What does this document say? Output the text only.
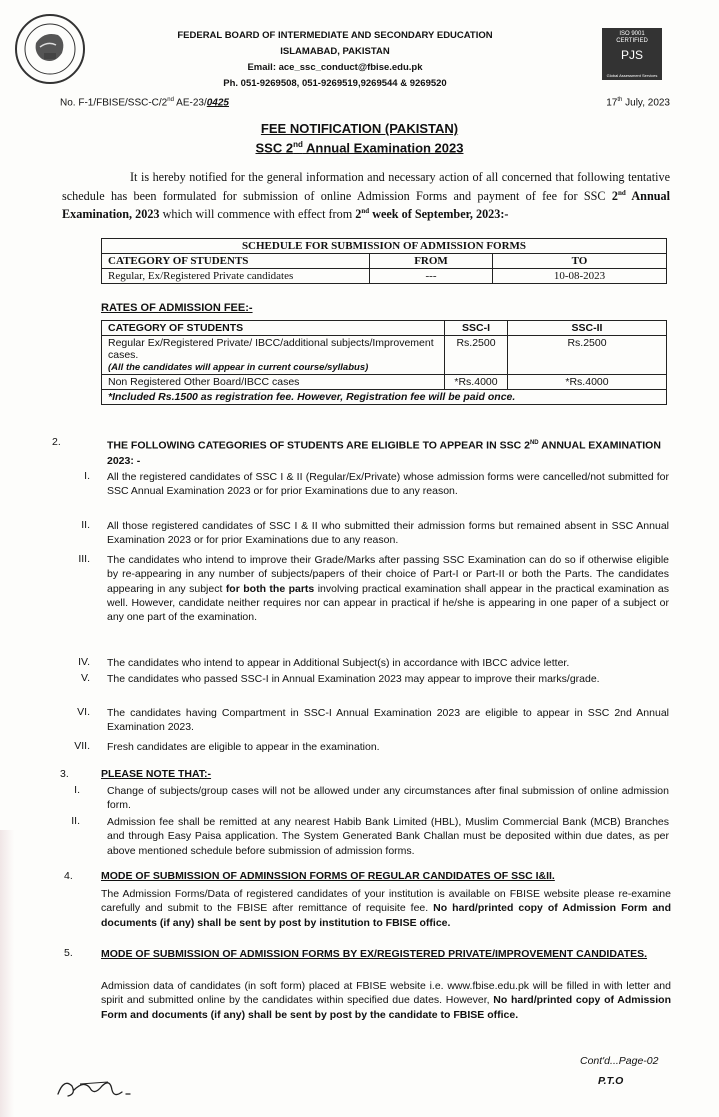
FEDERAL BOARD OF INTERMEDIATE AND SECONDARY EDUCATION
ISLAMABAD, PAKISTAN
Email: ace_ssc_conduct@fbise.edu.pk
Ph. 051-9269508, 051-9269519,9269544 & 9269520
ISO 9001
CERTIFIED
PJS
Global Assessment Services
No. F-1/FBISE/SSC-C/2nd AE-23/0425	17th July, 2023
FEE NOTIFICATION (PAKISTAN)
SSC 2nd Annual Examination 2023
It is hereby notified for the general information and necessary action of all concerned that following tentative schedule has been formulated for submission of online Admission Forms and payment of fee for SSC 2nd Annual Examination, 2023 which will commence with effect from 2nd week of September, 2023:-
SCHEDULE FOR SUBMISSION OF ADMISSION FORMS		
CATEGORY OF STUDENTS	FROM	TO
Regular, Ex/Registered Private candidates	---	10-08-2023
RATES OF ADMISSION FEE:-
CATEGORY OF STUDENTS	SSC-I	SSC-II
Regular Ex/Registered Private/ IBCC/additional subjects/Improvement cases.
(All the candidates will appear in current course/syllabus)	Rs.2500	Rs.2500
Non Registered Other Board/IBCC cases	*Rs.4000	*Rs.4000
*Included Rs.1500 as registration fee. However, Registration fee will be paid once.		
2.	THE FOLLOWING CATEGORIES OF STUDENTS ARE ELIGIBLE TO APPEAR IN SSC 2ND ANNUAL EXAMINATION 2023: -
I. All the registered candidates of SSC I & II (Regular/Ex/Private) whose admission forms were cancelled/not submitted for SSC Annual Examination 2023 or for prior Examinations due to any reason.
II. All those registered candidates of SSC I & II who submitted their admission forms but remained absent in SSC Annual Examination 2023 or for prior Examinations due to any reason.
III. The candidates who intend to improve their Grade/Marks after passing SSC Examination can do so if otherwise eligible by re-appearing in any number of subjects/papers of their choice of Part-I or Part-II or both the Parts. The candidates appearing in any subject for both the parts involving practical examination shall appear in the practical examination as well. However, candidate neither requires nor can appear in practical if he/she is appearing in one paper of a subject or any one part of the examination.
IV. The candidates who intend to appear in Additional Subject(s) in accordance with IBCC advice letter.
V. The candidates who passed SSC-I in Annual Examination 2023 may appear to improve their marks/grade.
VI. The candidates having Compartment in SSC-I Annual Examination 2023 are eligible to appear in SSC 2nd Annual Examination 2023.
VII. Fresh candidates are eligible to appear in the examination.
3.	PLEASE NOTE THAT:-
I.	Change of subjects/group cases will not be allowed under any circumstances after final submission of online admission form.
II.	Admission fee shall be remitted at any nearest Habib Bank Limited (HBL), Muslim Commercial Bank (MCB) Branches and through Easy Paisa application. The System Generated Bank Challan must be deposited within due dates, as per above mentioned schedule before submission of admission forms.
4.	MODE OF SUBMISSION OF ADMINSSION FORMS OF REGULAR CANDIDATES OF SSC I&II.
The Admission Forms/Data of registered candidates of your institution is available on FBISE website please re-examine carefully and submit to the FBISE after remittance of requisite fee. No hard/printed copy of Admission Form and documents (if any) shall be sent by post by institution to FBISE office.
5.	MODE OF SUBMISSION OF ADMISSION FORMS BY EX/REGISTERED PRIVATE/IMPROVEMENT CANDIDATES.
Admission data of candidates (in soft form) placed at FBISE website i.e. www.fbise.edu.pk will be filled in with letter and spirit and submitted online by the candidates within specified due dates. However, No hard/printed copy of Admission Form and documents (if any) shall be sent by post by the candidate to FBISE office.
Cont'd...Page-02
P.T.O
